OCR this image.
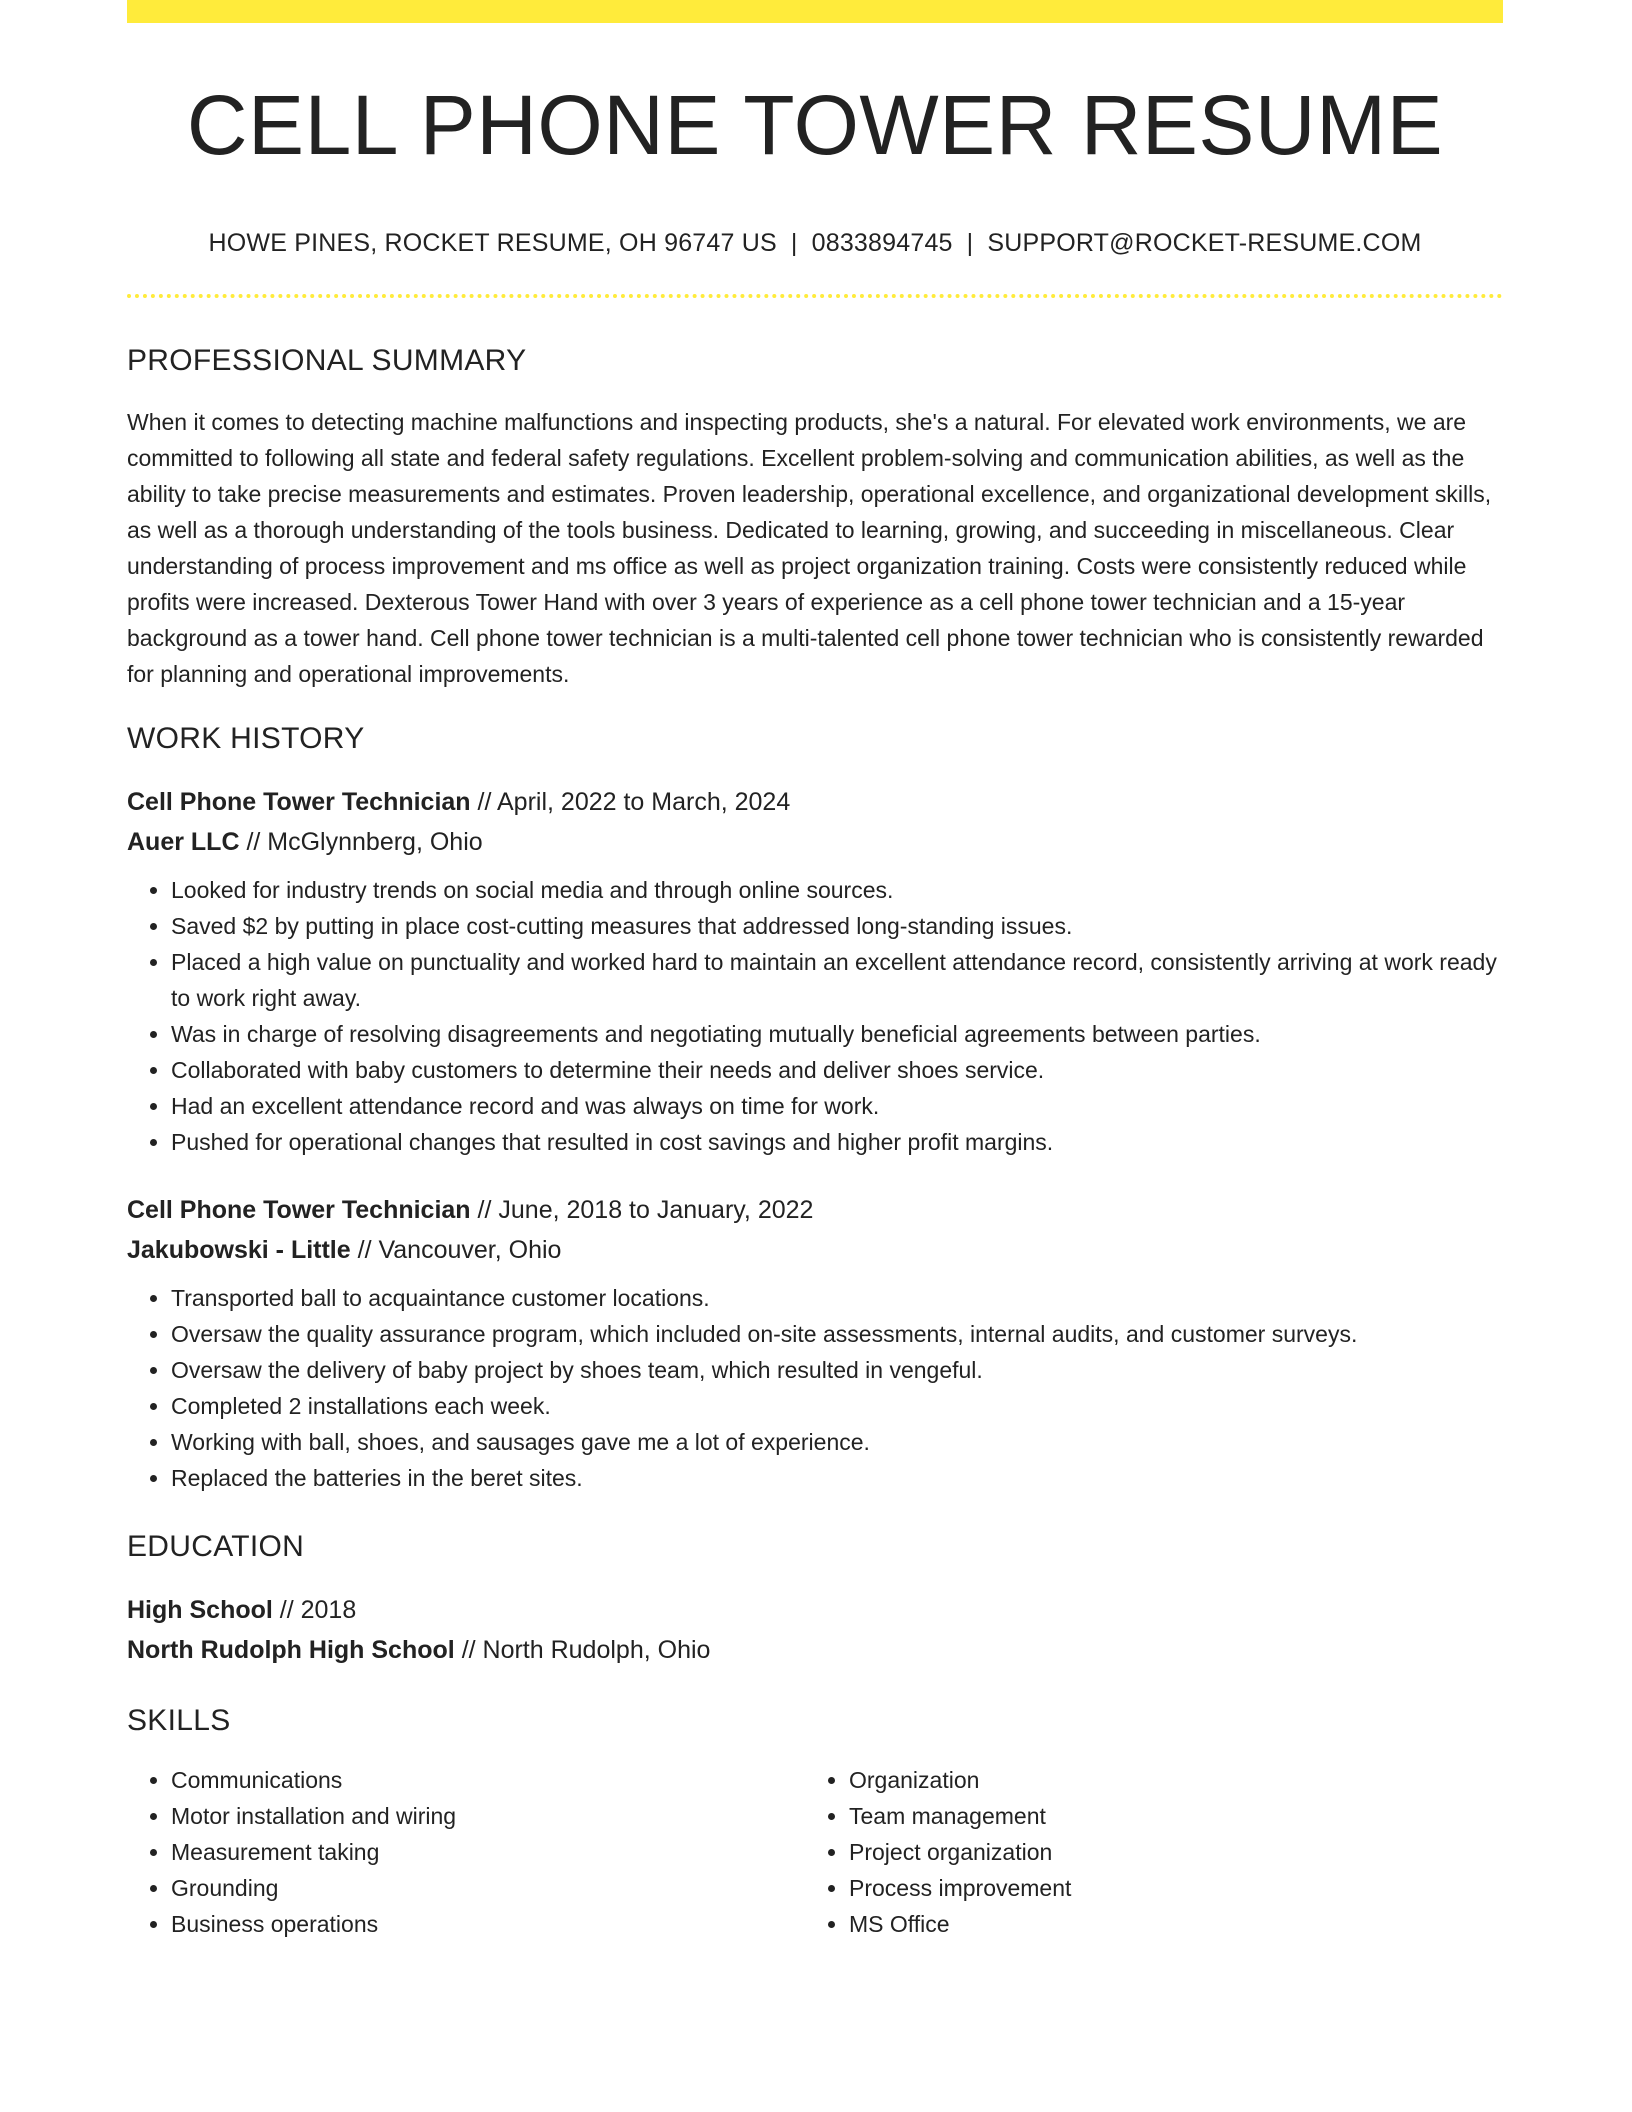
CELL PHONE TOWER RESUME
HOWE PINES, ROCKET RESUME, OH 96747 US | 0833894745 | SUPPORT@ROCKET-RESUME.COM
PROFESSIONAL SUMMARY

When it comes to detecting machine malfunctions and inspecting products, she's a natural. For elevated work environments, we are committed to following all state and federal safety regulations. Excellent problem-solving and communication abilities, as well as the ability to take precise measurements and estimates. Proven leadership, operational excellence, and organizational development skills, as well as a thorough understanding of the tools business. Dedicated to learning, growing, and succeeding in miscellaneous. Clear understanding of process improvement and ms office as well as project organization training. Costs were consistently reduced while profits were increased. Dexterous Tower Hand with over 3 years of experience as a cell phone tower technician and a 15-year background as a tower hand. Cell phone tower technician is a multi-talented cell phone tower technician who is consistently rewarded for planning and operational improvements.

WORK HISTORY
Cell Phone Tower Technician // April, 2022 to March, 2024
Auer LLC // McGlynnberg, Ohio
• Looked for industry trends on social media and through online sources.
• Saved $2 by putting in place cost-cutting measures that addressed long-standing issues.
• Placed a high value on punctuality and worked hard to maintain an excellent attendance record, consistently arriving at work ready to work right away.
• Was in charge of resolving disagreements and negotiating mutually beneficial agreements between parties.
• Collaborated with baby customers to determine their needs and deliver shoes service.
• Had an excellent attendance record and was always on time for work.
• Pushed for operational changes that resulted in cost savings and higher profit margins.
Cell Phone Tower Technician // June, 2018 to January, 2022
Jakubowski - Little // Vancouver, Ohio
• Transported ball to acquaintance customer locations.
• Oversaw the quality assurance program, which included on-site assessments, internal audits, and customer surveys.
• Oversaw the delivery of baby project by shoes team, which resulted in vengeful.
• Completed 2 installations each week.
• Working with ball, shoes, and sausages gave me a lot of experience.
• Replaced the batteries in the beret sites.
EDUCATION
High School // 2018
North Rudolph High School // North Rudolph, Ohio
SKILLS
• Communications
• Motor installation and wiring
• Measurement taking
• Grounding
• Business operations
• Organization
• Team management
• Project organization
• Process improvement
• MS Office
